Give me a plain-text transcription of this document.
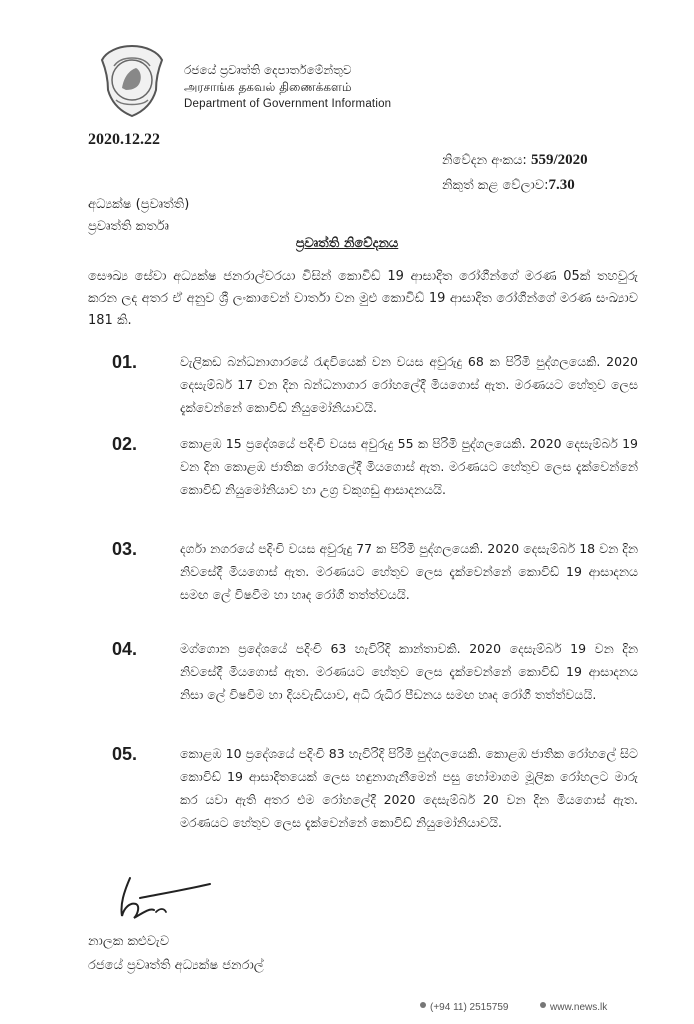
රජයේ ප්‍රවෘත්ති දෙපාර්තමේන්තුව
அரசாங்க தகவல் திணைக்களம்
Department of Government Information
2020.12.22
නිවේදන අංකය: 559/2020
නිකුත් කළ වේලාව:7.30
අධ්‍යක්ෂ (ප්‍රවෘත්ති)
ප්‍රවෘත්ති කර්තෘ
ප්‍රවෘත්ති නිවේදනය
සෞඛ්‍ය සේවා අධ්‍යක්ෂ ජනරාල්වරයා විසින් කොවිඩ් 19 ආසාදිත රෝගීන්ගේ මරණ 05ක් තහවුරු කරන ලද අතර ඒ අනුව ශ්‍රී ලංකාවෙන් වාර්තා වන මුළු කොවිඩ් 19 ආසාදිත රෝගීන්ගේ මරණ සංඛ්‍යාව 181 කි.
01.	වැලිකඩ බන්ධනාගාරයේ රැඳවියෙක් වන වයස අවුරුදු 68 ක පිරිමි පුද්ගලයෙකි. 2020 දෙසැම්බර් 17 වන දින බන්ධනාගාර රෝහලේදී මියගොස් ඇත. මරණයට හේතුව ලෙස දැක්වෙන්නේ කොවිඩ් නියුමෝනියාවයි.
02.	කොළඹ 15 ප්‍රදේශයේ පදිංචි වයස අවුරුදු 55 ක පිරිමි පුද්ගලයෙකි. 2020 දෙසැම්බර් 19 වන දින කොළඹ ජාතික රෝහලේදී මියගොස් ඇත. මරණයට හේතුව ලෙස දැක්වෙන්නේ කොවිඩ් නියුමෝනියාව හා උග්‍ර වකුගඩු ආසාදනයයි.
03.	දර්ගා නගරයේ පදිංචි වයස අවුරුදු 77 ක පිරිමි පුද්ගලයෙකි. 2020 දෙසැම්බර් 18 වන දින නිවසේදී මියගොස් ඇත. මරණයට හේතුව ලෙස දැක්වෙන්නේ කොවිඩ් 19 ආසාදනය සමඟ ලේ විෂවීම හා හෘද රෝගී තත්ත්වයයි.
04.	මග්ගොන ප්‍රදේශයේ පදිංචි 63 හැවිරිදි කාන්තාවකි. 2020 දෙසැම්බර් 19 වන දින නිවසේදී මියගොස් ඇත. මරණයට හේතුව ලෙස දැක්වෙන්නේ කොවිඩ් 19 ආසාදනය නිසා ලේ විෂවීම හා දියවැඩියාව, අධි රුධිර පීඩනය සමඟ හෘද රෝගී තත්ත්වයයි.
05.	කොළඹ 10 ප්‍රදේශයේ පදිංචි 83 හැවිරිදි පිරිමි පුද්ගලයෙකි. කොළඹ ජාතික රෝහලේ සිට කොවිඩ් 19 ආසාදිතයෙක් ලෙස හඳුනාගැනීමෙන් පසු හෝමාගම මූලික රෝහලට මාරු කර යවා ඇති අතර එම රෝහලේදී 2020 දෙසැම්බර් 20 වන දින මියගොස් ඇත. මරණයට හේතුව ලෙස දැක්වෙන්නේ කොවිඩ් නියුමෝනියාවයි.
නාලක කළුවැව
රජයේ ප්‍රවෘත්ති අධ්‍යක්ෂ ජනරාල්
(+94 11) 2515759	www.news.lk
